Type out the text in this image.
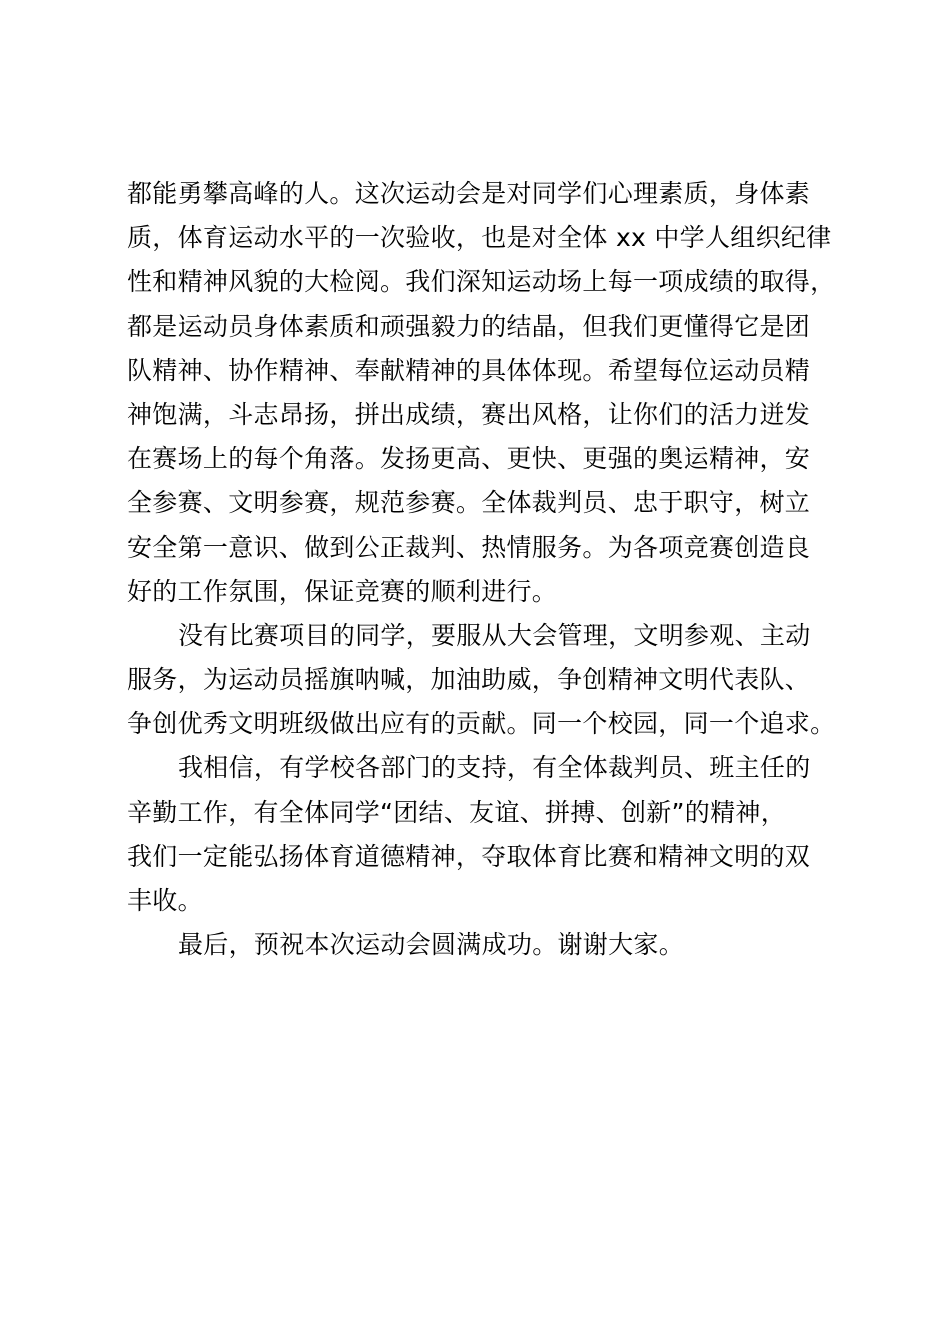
都能勇攀高峰的人。这次运动会是对同学们心理素质，身体素
质，体育运动水平的一次验收，也是对全体 xx 中学人组织纪律
性和精神风貌的大检阅。我们深知运动场上每一项成绩的取得，
都是运动员身体素质和顽强毅力的结晶，但我们更懂得它是团
队精神、协作精神、奉献精神的具体体现。希望每位运动员精
神饱满，斗志昂扬，拼出成绩，赛出风格，让你们的活力迸发
在赛场上的每个角落。发扬更高、更快、更强的奥运精神，安
全参赛、文明参赛，规范参赛。全体裁判员、忠于职守，树立
安全第一意识、做到公正裁判、热情服务。为各项竞赛创造良
好的工作氛围，保证竞赛的顺利进行。
没有比赛项目的同学，要服从大会管理，文明参观、主动
服务，为运动员摇旗呐喊，加油助威，争创精神文明代表队、
争创优秀文明班级做出应有的贡献。同一个校园，同一个追求。
我相信，有学校各部门的支持，有全体裁判员、班主任的
辛勤工作，有全体同学“团结、友谊、拼搏、创新”的精神，
我们一定能弘扬体育道德精神，夺取体育比赛和精神文明的双
丰收。
最后，预祝本次运动会圆满成功。谢谢大家。
